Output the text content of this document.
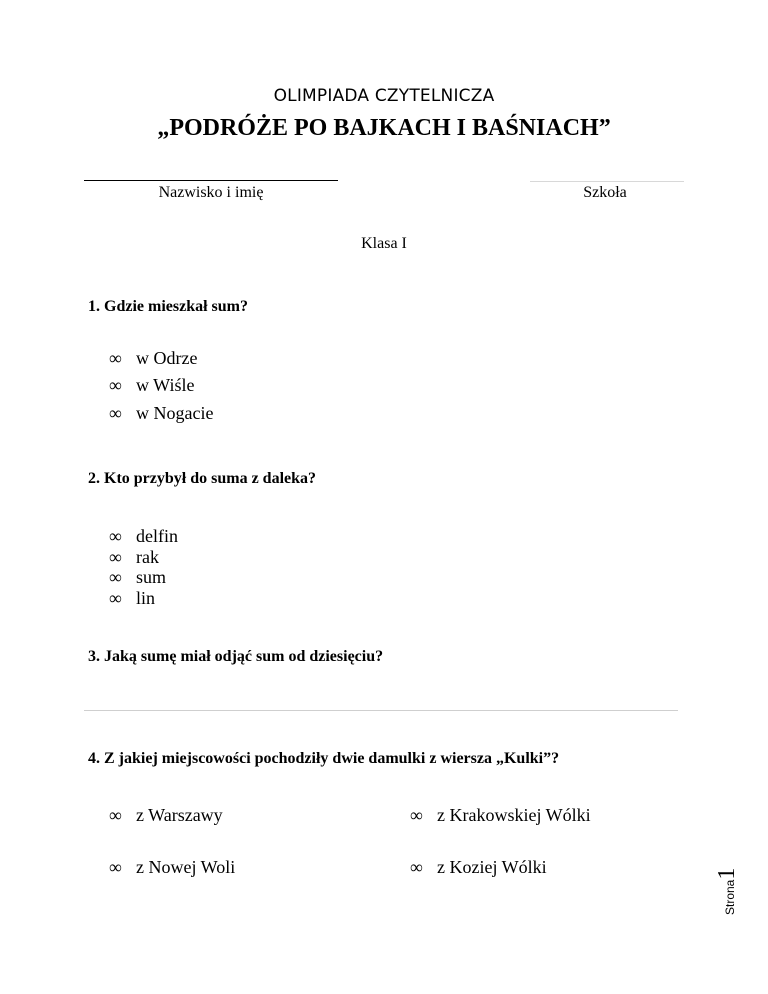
OLIMPIADA CZYTELNICZA
„PODRÓŻE PO BAJKACH I BAŚNIACH”
Nazwisko i imię	Szkoła
Klasa I
1. Gdzie mieszkał sum?
∞ w Odrze
∞ w Wiśle
∞ w Nogacie
2. Kto przybył do suma z daleka?
∞ delfin
∞ rak
∞ sum
∞ lin
3. Jaką sumę miał odjąć sum od dziesięciu?
4. Z jakiej miejscowości pochodziły dwie damulki z wiersza „Kulki”?
∞ z Warszawy	∞ z Krakowskiej Wólki
∞ z Nowej Woli	∞ z Koziej Wólki
Strona1
